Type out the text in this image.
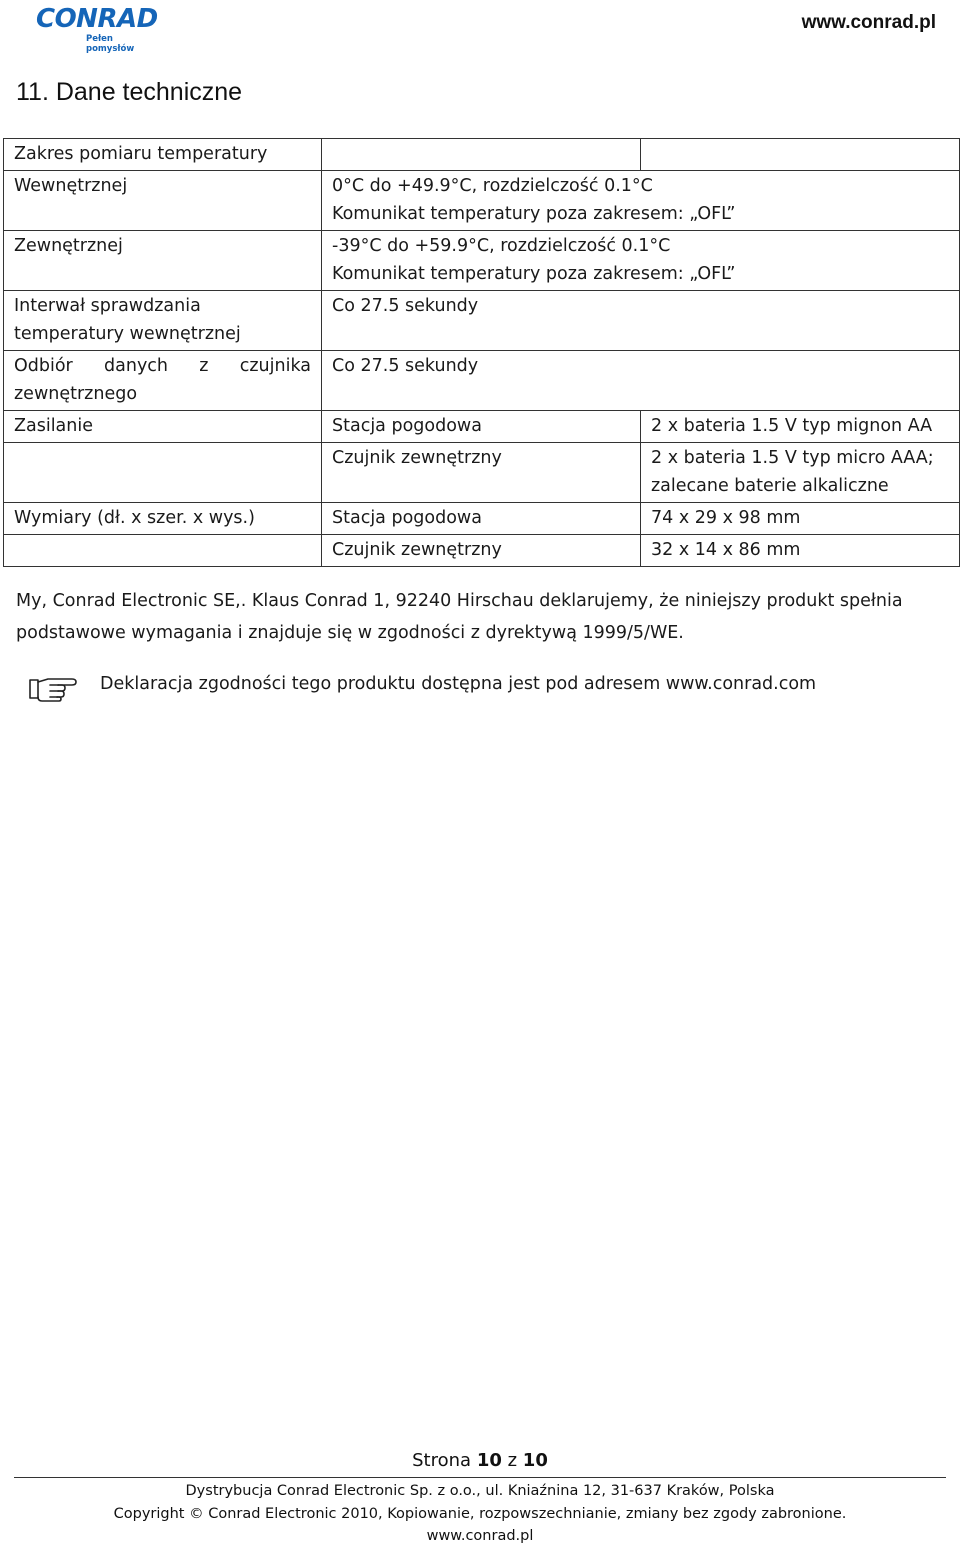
CONRAD
Pełen pomysłów
www.conrad.pl
11. Dane techniczne
Zakres pomiaru temperatury		
Wewnętrznej	0°C do +49.9°C, rozdzielczość 0.1°C
Komunikat temperatury poza zakresem: „OFL”	

Zewnętrznej	-39°C do +59.9°C, rozdzielczość 0.1°C
Komunikat temperatury poza zakresem: „OFL”	

Interwał sprawdzania
temperatury wewnętrznej	Co 27.5 sekundy	

Odbiór danych z czujnika
zewnętrznego	Co 27.5 sekundy	
Zasilanie	Stacja pogodowa	2 x bateria 1.5 V typ mignon AA
	Czujnik zewnętrzny	2 x bateria 1.5 V typ micro AAA;
zalecane baterie alkaliczne

Wymiary (dł. x szer. x wys.)	Stacja pogodowa	74 x 29 x 98 mm
	Czujnik zewnętrzny	32 x 14 x 86 mm

My, Conrad Electronic SE,. Klaus Conrad 1, 92240 Hirschau deklarujemy, że niniejszy produkt spełnia podstawowe wymagania i znajduje się w zgodności z dyrektywą 1999/5/WE.

Deklaracja zgodności tego produktu dostępna jest pod adresem www.conrad.com
Strona 10 z 10
Dystrybucja Conrad Electronic Sp. z o.o., ul. Kniaźnina 12, 31-637 Kraków, Polska
Copyright © Conrad Electronic 2010, Kopiowanie, rozpowszechnianie, zmiany bez zgody zabronione.
www.conrad.pl
